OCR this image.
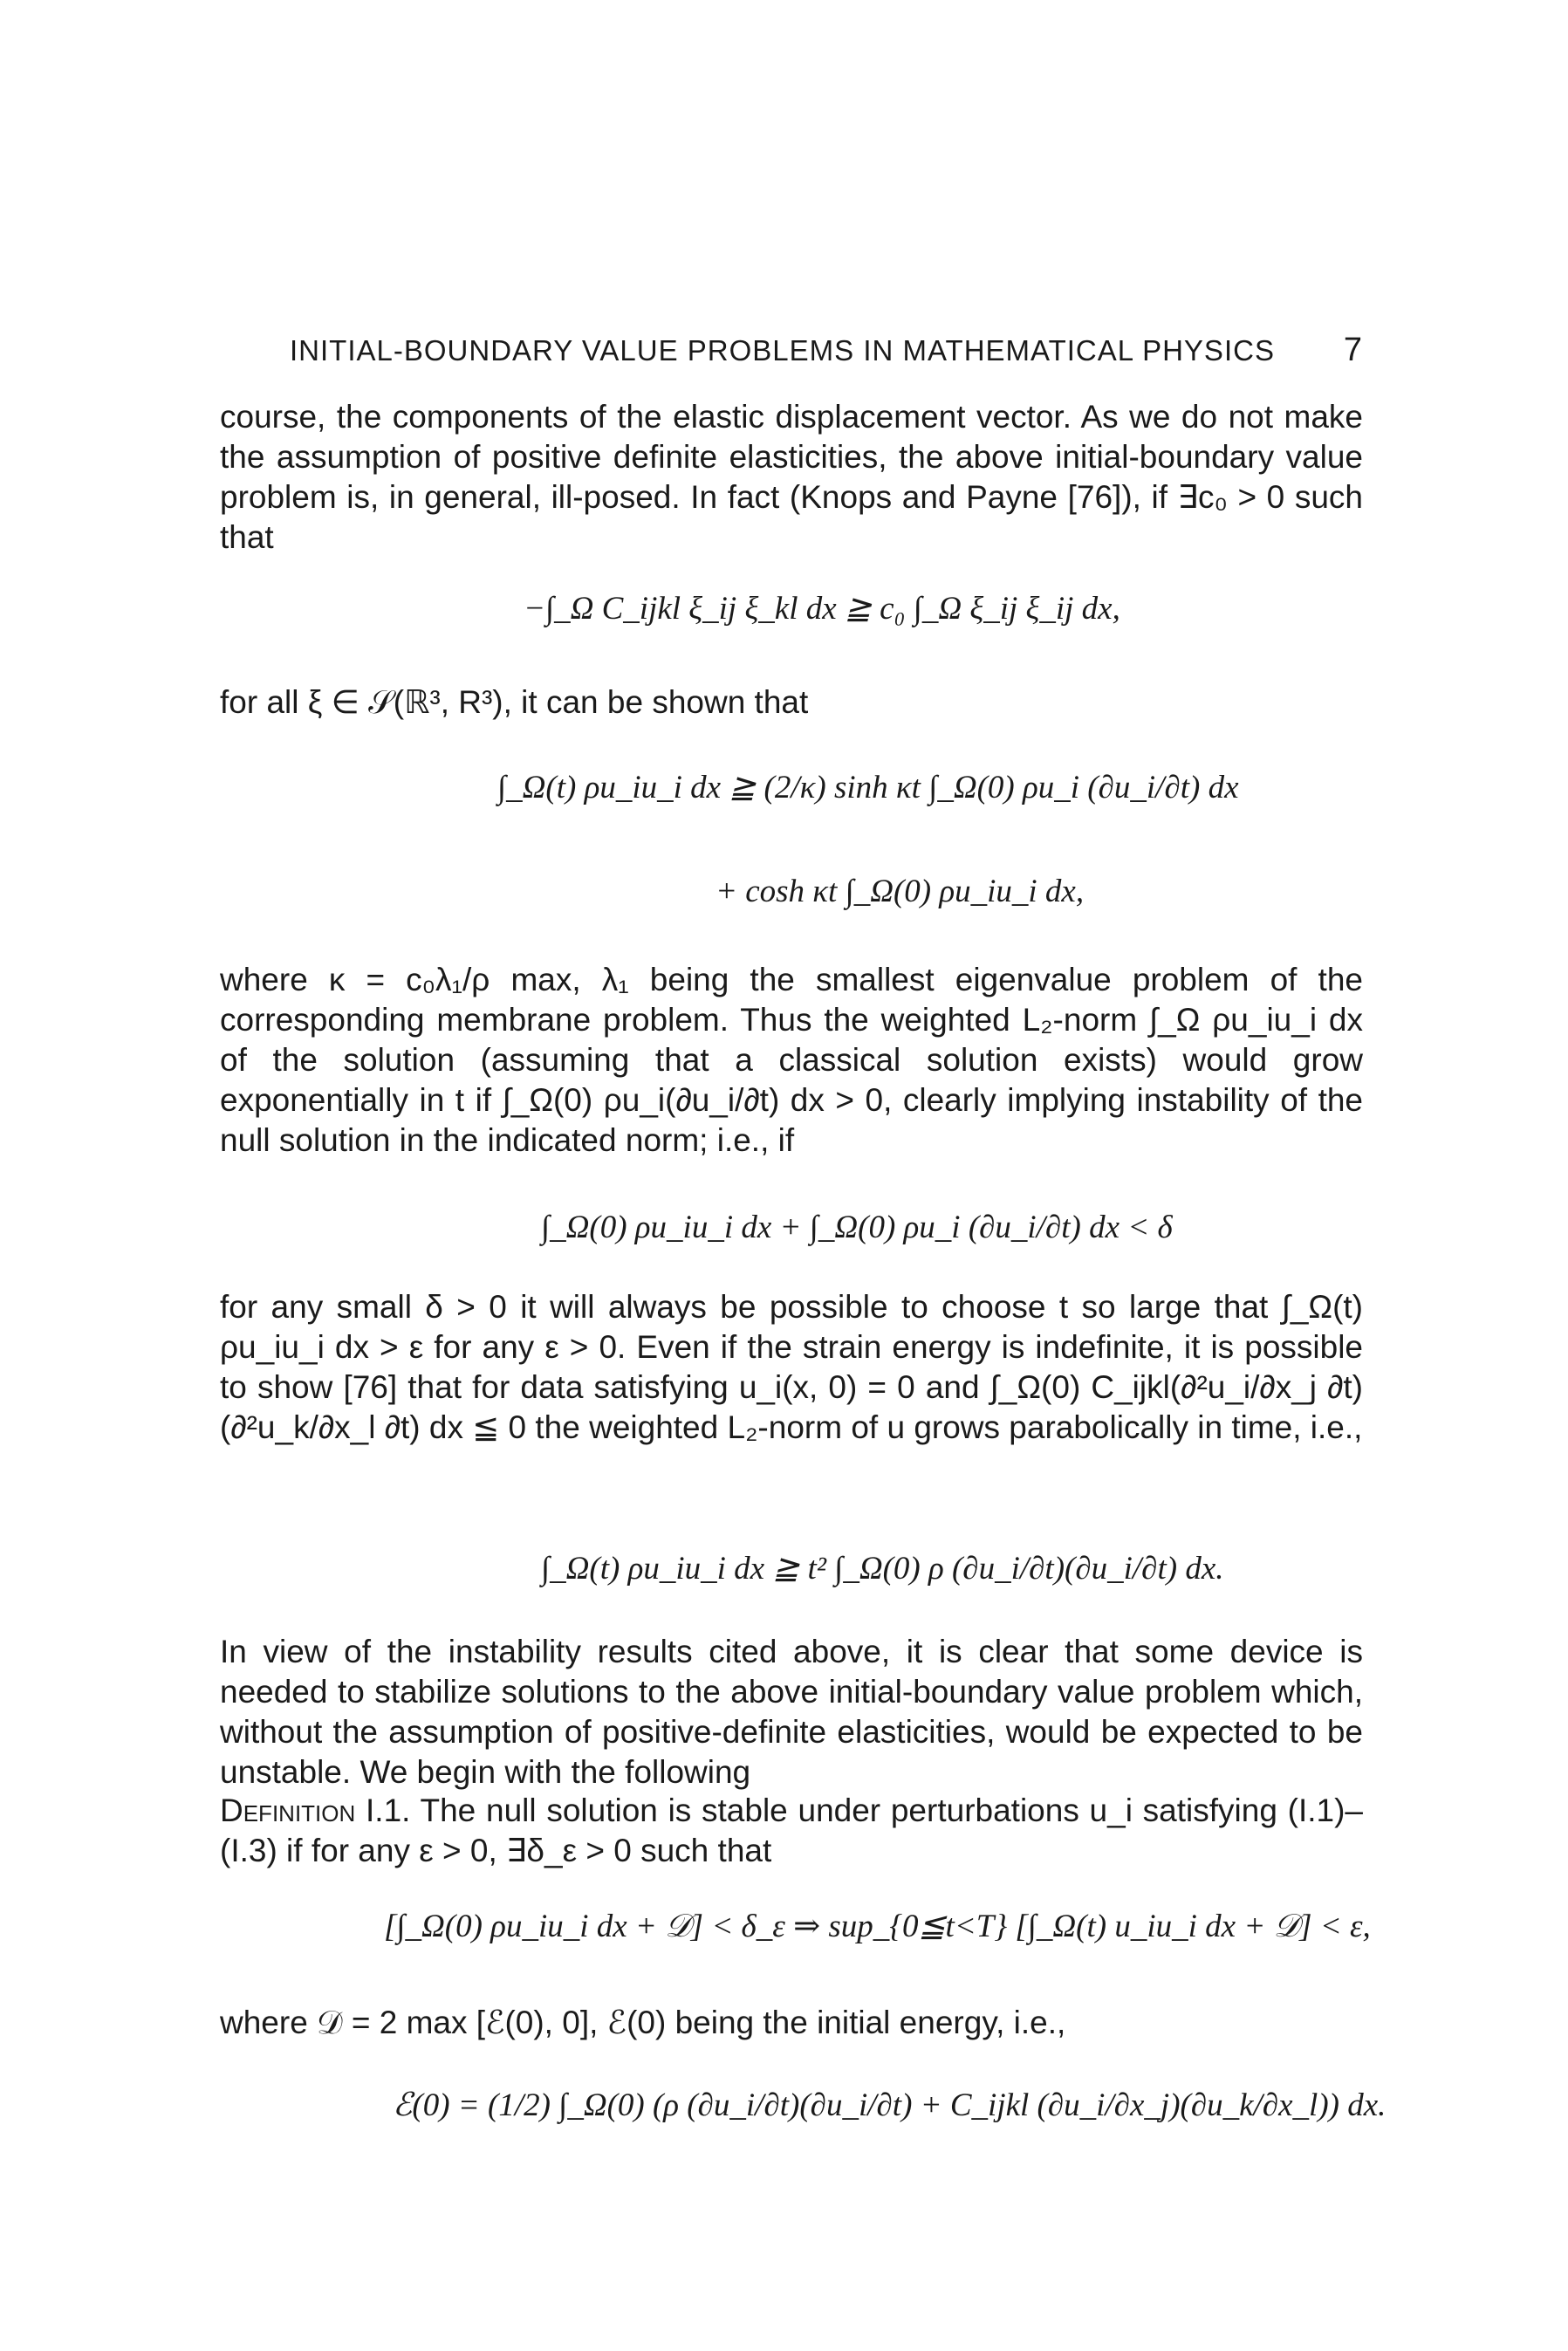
INITIAL-BOUNDARY VALUE PROBLEMS IN MATHEMATICAL PHYSICS 7

course, the components of the elastic displacement vector. As we do not make the assumption of positive definite elasticities, the above initial-boundary value problem is, in general, ill-posed. In fact (Knops and Payne [76]), if ∃c₀ > 0 such that

−∫_Ω C_ijkl ξ_ij ξ_kl dx ≧ c₀ ∫_Ω ξ_ij ξ_ij dx,

for all ξ ∈ 𝒮(ℝ³, R³), it can be shown that

∫_Ω(t) ρu_iu_i dx ≧ (2/κ) sinh κt ∫_Ω(0) ρu_i (∂u_i/∂t) dx
+ cosh κt ∫_Ω(0) ρu_iu_i dx,

where κ = c₀λ₁/ρ max, λ₁ being the smallest eigenvalue problem of the corresponding membrane problem. Thus the weighted L₂-norm ∫_Ω ρu_iu_i dx of the solution (assuming that a classical solution exists) would grow exponentially in t if ∫_Ω(0) ρu_i(∂u_i/∂t) dx > 0, clearly implying instability of the null solution in the indicated norm; i.e., if

∫_Ω(0) ρu_iu_i dx + ∫_Ω(0) ρu_i (∂u_i/∂t) dx < δ

for any small δ > 0 it will always be possible to choose t so large that ∫_Ω(t) ρu_iu_i dx > ε for any ε > 0. Even if the strain energy is indefinite, it is possible to show [76] that for data satisfying u_i(x, 0) = 0 and ∫_Ω(0) C_ijkl(∂²u_i/∂x_j ∂t)(∂²u_k/∂x_l ∂t) dx ≦ 0 the weighted L₂-norm of u grows parabolically in time, i.e.,

∫_Ω(t) ρu_iu_i dx ≧ t² ∫_Ω(0) ρ (∂u_i/∂t)(∂u_i/∂t) dx.

In view of the instability results cited above, it is clear that some device is needed to stabilize solutions to the above initial-boundary value problem which, without the assumption of positive-definite elasticities, would be expected to be unstable. We begin with the following

Definition I.1. The null solution is stable under perturbations u_i satisfying (I.1)–(I.3) if for any ε > 0, ∃δ_ε > 0 such that

[∫_Ω(0) ρu_iu_i dx + 𝒟] < δ_ε ⇒ sup_{0≦t<T} [∫_Ω(t) u_iu_i dx + 𝒟] < ε,

where 𝒟 = 2 max [ℰ(0), 0], ℰ(0) being the initial energy, i.e.,

ℰ(0) = (1/2) ∫_Ω(0) (ρ (∂u_i/∂t)(∂u_i/∂t) + C_ijkl (∂u_i/∂x_j)(∂u_k/∂x_l)) dx.
